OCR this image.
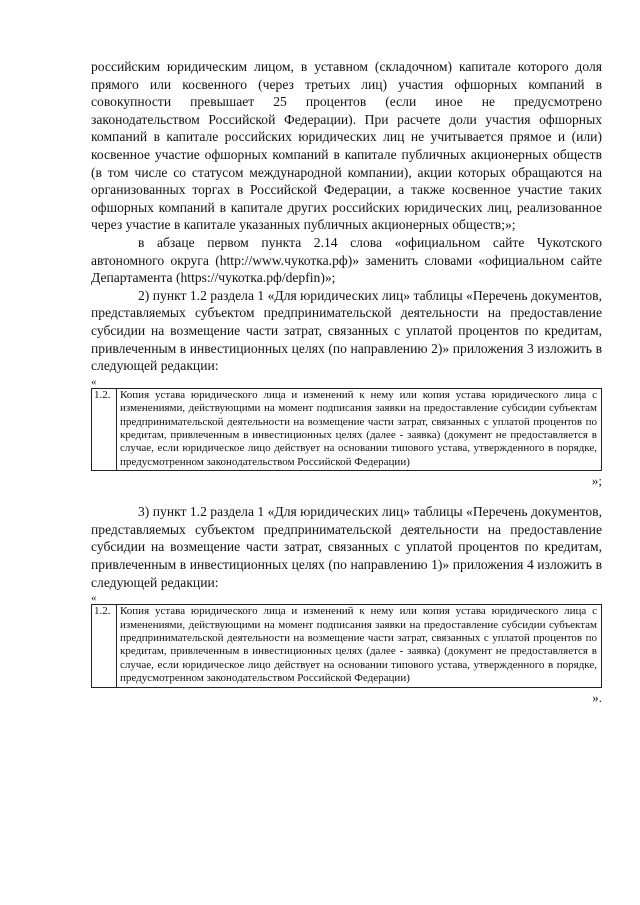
российским юридическим лицом, в уставном (складочном) капитале которого доля прямого или косвенного (через третьих лиц) участия офшорных компаний в совокупности превышает 25 процентов (если иное не предусмотрено законодательством Российской Федерации). При расчете доли участия офшорных компаний в капитале российских юридических лиц не учитывается прямое и (или) косвенное участие офшорных компаний в капитале публичных акционерных обществ (в том числе со статусом международной компании), акции которых обращаются на организованных торгах в Российской Федерации, а также косвенное участие таких офшорных компаний в капитале других российских юридических лиц, реализованное через участие в капитале указанных публичных акционерных обществ;»;

в абзаце первом пункта 2.14 слова «официальном сайте Чукотского автономного округа (http://www.чукотка.рф)» заменить словами «официальном сайте Департамента (https://чукотка.рф/depfin)»;

2) пункт 1.2 раздела 1 «Для юридических лиц» таблицы «Перечень документов, представляемых субъектом предпринимательской деятельности на предоставление субсидии на возмещение части затрат, связанных с уплатой процентов по кредитам, привлеченным в инвестиционных целях (по направлению 2)» приложения 3 изложить в следующей редакции:

«
1.2.	Копия устава юридического лица и изменений к нему или копия устава юридического лица с изменениями, действующими на момент подписания заявки на предоставление субсидии субъектам предпринимательской деятельности на возмещение части затрат, связанных с уплатой процентов по кредитам, привлеченным в инвестиционных целях (далее - заявка) (документ не предоставляется в случае, если юридическое лицо действует на основании типового устава, утвержденного в порядке, предусмотренном законодательством Российской Федерации)
»;

3) пункт 1.2 раздела 1 «Для юридических лиц» таблицы «Перечень документов, представляемых субъектом предпринимательской деятельности на предоставление субсидии на возмещение части затрат, связанных с уплатой процентов по кредитам, привлеченным в инвестиционных целях (по направлению 1)» приложения 4 изложить в следующей редакции:

«
1.2.	Копия устава юридического лица и изменений к нему или копия устава юридического лица с изменениями, действующими на момент подписания заявки на предоставление субсидии субъектам предпринимательской деятельности на возмещение части затрат, связанных с уплатой процентов по кредитам, привлеченным в инвестиционных целях (далее - заявка) (документ не предоставляется в случае, если юридическое лицо действует на основании типового устава, утвержденного в порядке, предусмотренном законодательством Российской Федерации)
».
